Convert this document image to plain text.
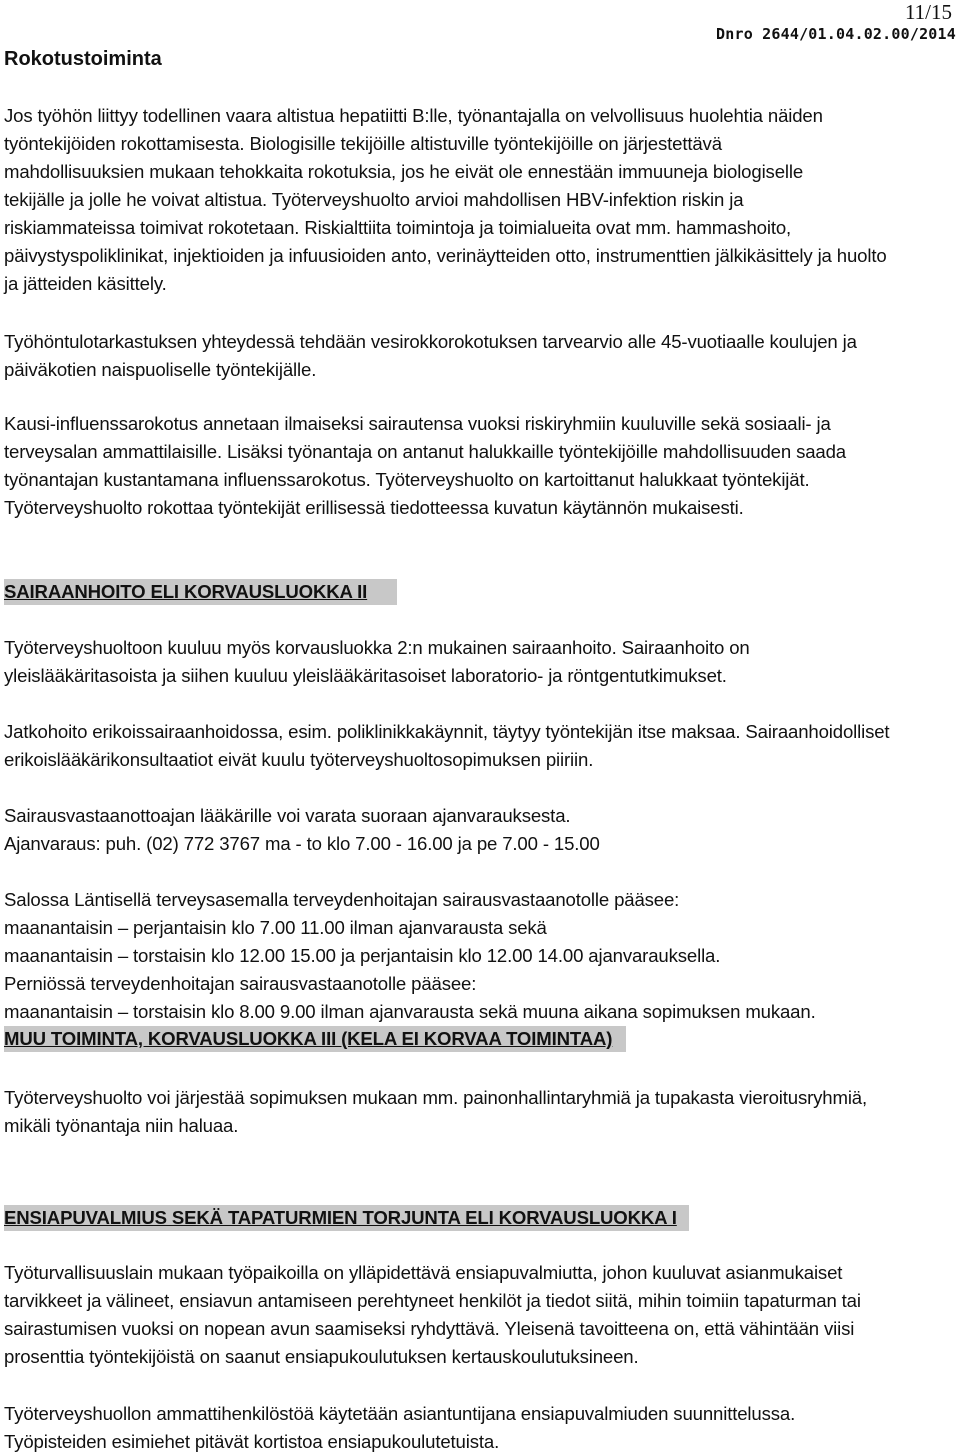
Rokotustoiminta
11/15
Dnro 2644/01.04.02.00/2014

Jos työhön liittyy todellinen vaara altistua hepatiitti B:lle, työnantajalla on velvollisuus huolehtia näiden
työntekijöiden rokottamisesta. Biologisille tekijöille altistuville työntekijöille on järjestettävä
mahdollisuuksien mukaan tehokkaita rokotuksia, jos he eivät ole ennestään immuuneja biologiselle
tekijälle ja jolle he voivat altistua. Työterveyshuolto arvioi mahdollisen HBV-infektion riskin ja
riskiammateissa toimivat rokotetaan. Riskialttiita toimintoja ja toimialueita ovat mm. hammashoito,
päivystyspoliklinikat, injektioiden ja infuusioiden anto, verinäytteiden otto, instrumenttien jälkikäsittely ja huolto
ja jätteiden käsittely.

Työhöntulotarkastuksen yhteydessä tehdään vesirokkorokotuksen tarvearvio alle 45-vuotiaalle koulujen ja
päiväkotien naispuoliselle työntekijälle.
Kausi-influenssarokotus annetaan ilmaiseksi sairautensa vuoksi riskiryhmiin kuuluville sekä sosiaali- ja
terveysalan ammattilaisille. Lisäksi työnantaja on antanut halukkaille työntekijöille mahdollisuuden saada
työnantajan kustantamana influenssarokotus. Työterveyshuolto on kartoittanut halukkaat työntekijät.
Työterveyshuolto rokottaa työntekijät erillisessä tiedotteessa kuvatun käytännön mukaisesti.
SAIRAANHOITO ELI KORVAUSLUOKKA II
Työterveyshuoltoon kuuluu myös korvausluokka 2:n mukainen sairaanhoito. Sairaanhoito on
yleislääkäritasoista ja siihen kuuluu yleislääkäritasoiset laboratorio- ja röntgentutkimukset.
Jatkohoito erikoissairaanhoidossa, esim. poliklinikkakäynnit, täytyy työntekijän itse maksaa. Sairaanhoidolliset
erikoislääkärikonsultaatiot eivät kuulu työterveyshuoltosopimuksen piiriin.
Sairausvastaanottoajan lääkärille voi varata suoraan ajanvarauksesta.
Ajanvaraus: puh. (02) 772 3767 ma - to klo 7.00 - 16.00 ja pe 7.00 - 15.00
Salossa Läntisellä terveysasemalla terveydenhoitajan sairausvastaanotolle pääsee:
maanantaisin – perjantaisin klo 7.00 11.00 ilman ajanvarausta sekä
maanantaisin – torstaisin klo 12.00 15.00 ja perjantaisin klo 12.00 14.00 ajanvarauksella.
Perniössä terveydenhoitajan sairausvastaanotolle pääsee:
maanantaisin – torstaisin klo 8.00 9.00 ilman ajanvarausta sekä muuna aikana sopimuksen mukaan.
MUU TOIMINTA, KORVAUSLUOKKA III (KELA EI KORVAA TOIMINTAA)
Työterveyshuolto voi järjestää sopimuksen mukaan mm. painonhallintaryhmiä ja tupakasta vieroitusryhmiä,
mikäli työnantaja niin haluaa.
ENSIAPUVALMIUS SEKÄ TAPATURMIEN TORJUNTA ELI KORVAUSLUOKKA I
Työturvallisuuslain mukaan työpaikoilla on ylläpidettävä ensiapuvalmiutta, johon kuuluvat asianmukaiset
tarvikkeet ja välineet, ensiavun antamiseen perehtyneet henkilöt ja tiedot siitä, mihin toimiin tapaturman tai
sairastumisen vuoksi on nopean avun saamiseksi ryhdyttävä. Yleisenä tavoitteena on, että vähintään viisi
prosenttia työntekijöistä on saanut ensiapukoulutuksen kertauskoulutuksineen.
Työterveyshuollon ammattihenkilöstöä käytetään asiantuntijana ensiapuvalmiuden suunnittelussa.
Työpisteiden esimiehet pitävät kortistoa ensiapukoulutetuista.
